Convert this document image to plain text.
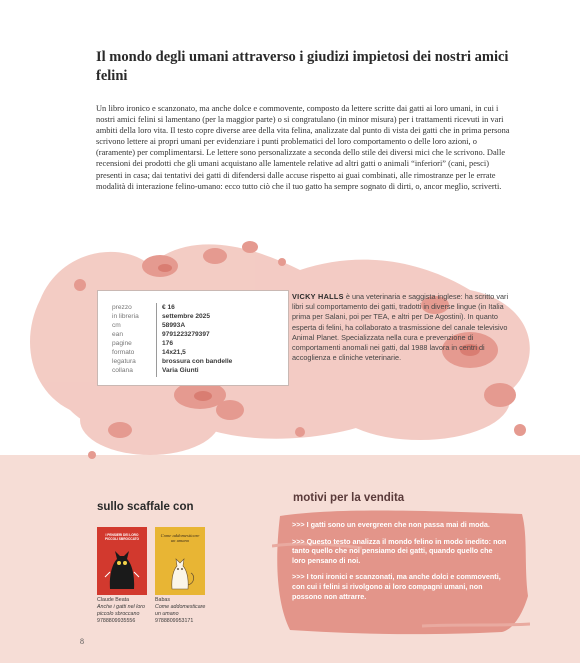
Il mondo degli umani attraverso i giudizi impietosi dei nostri amici felini

Un libro ironico e scanzonato, ma anche dolce e commovente, composto da lettere scritte dai gatti ai loro umani, in cui i nostri amici felini si lamentano (per la maggior parte) o si congratulano (in minor misura) per i trattamenti ricevuti in vari ambiti della loro vita. Il testo copre diverse aree della vita felina, analizzate dal punto di vista dei gatti che in prima persona scrivono lettere ai propri umani per evidenziare i punti problematici del loro comportamento o delle loro azioni, o (raramente) per complimentarsi. Le lettere sono personalizzate a seconda dello stile dei diversi mici che le scrivono. Dalle recensioni dei prodotti che gli umani acquistano alle lamentele relative ad altri gatti o animali “inferiori” (cani, pesci) presenti in casa; dai tentativi dei gatti di difendersi dalle accuse rispetto ai guai combinati, alle rimostranze per le errate modalità di interazione felino-umano: ecco tutto ciò che il tuo gatto ha sempre sognato di dirti, o, ancor meglio, scriverti.

prezzo	€ 16
in libreria	settembre 2025
cm	58993A
ean	9791223279397
pagine	176
formato	14x21,5
legatura	brossura con bandelle
collana	Varia Giunti

VICKY HALLS è una veterinaria e saggista inglese: ha scritto vari libri sul comportamento dei gatti, tradotti in diverse lingue (in Italia prima per Salani, poi per TEA, e altri per De Agostini). In quanto esperta di felini, ha collaborato a trasmissione del canale televisivo Animal Planet. Specializzata nella cura e prevenzione di comportamenti anomali nei gatti, dal 1988 lavora in centri di accoglienza e cliniche veterinarie.

sullo scaffale con
I PENSIERI DEI LORO PICCOLI SBROCCATO
Come addomesticare un umano
Claude Beata
Anche i gatti nel loro piccolo sbroccano
9788809935556
Babas
Come addomesticare un umano
9788809953171
8
motivi per la vendita
>>> I gatti sono un evergreen che non passa mai di moda.
>>> Questo testo analizza il mondo felino in modo inedito: non tanto quello che noi pensiamo dei gatti, quando quello che loro pensano di noi.
>>> I toni ironici e scanzonati, ma anche dolci e commoventi, con cui i felini si rivolgono ai loro compagni umani, non possono non attrarre.
